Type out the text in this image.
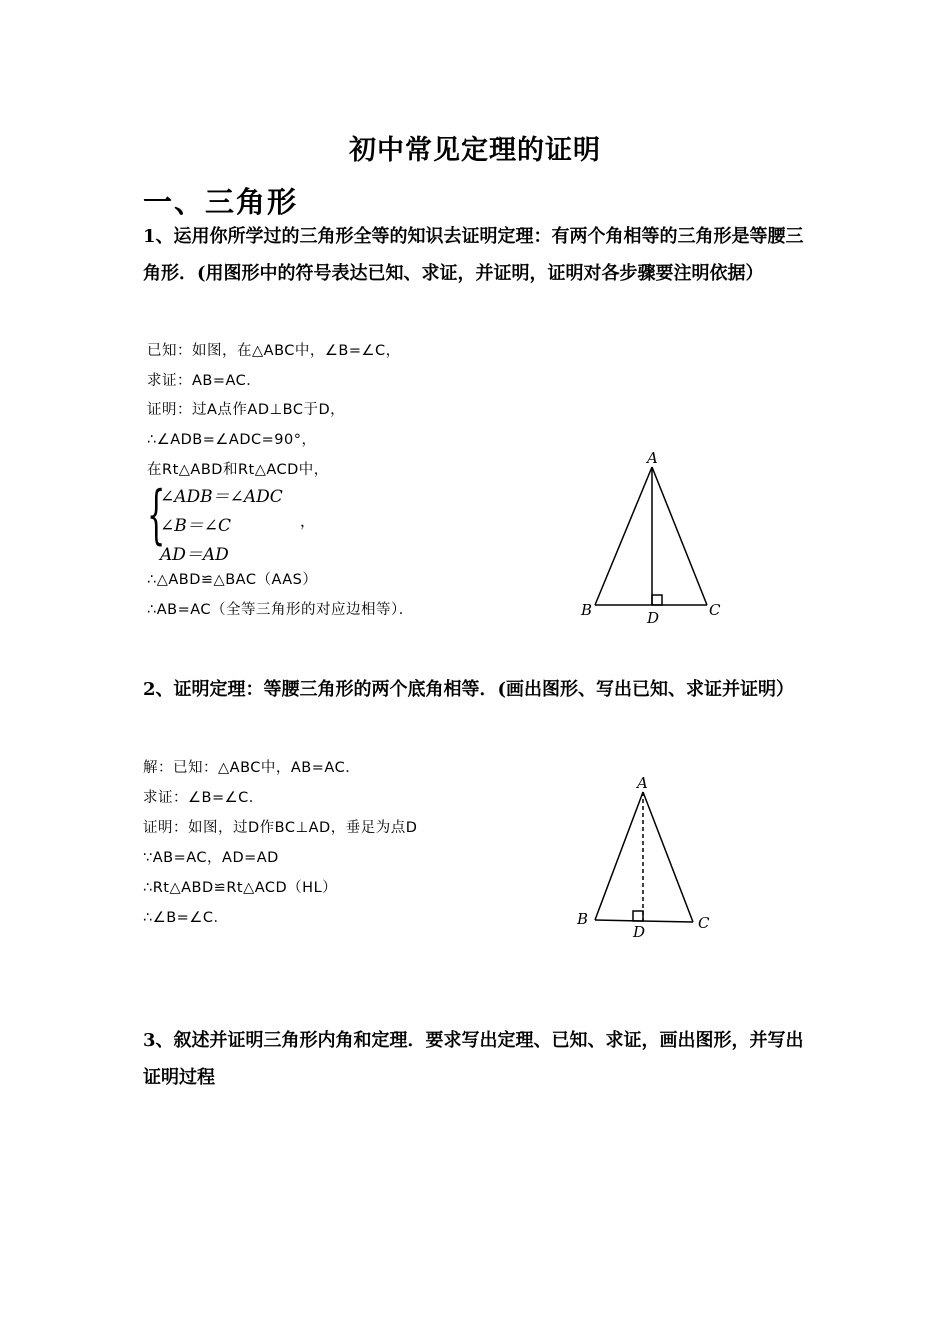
初中常见定理的证明
一、三角形
1、运用你所学过的三角形全等的知识去证明定理：有两个角相等的三角形是等腰三角形．(用图形中的符号表达已知、求证，并证明，证明对各步骤要注明依据）
已知：如图，在△ABC中，∠B=∠C，
求证：AB=AC．
证明：过A点作AD⊥BC于D，
∴∠ADB=∠ADC=90°，
在Rt△ABD和Rt△ACD中，
{
∠ADB＝∠ADC
∠B＝∠C
AD＝AD
，
∴△ABD≌△BAC（AAS）
∴AB=AC（全等三角形的对应边相等）．
A
B	C
D
2、证明定理：等腰三角形的两个底角相等．(画出图形、写出已知、求证并证明）
解：已知：△ABC中，AB=AC．
求证：∠B=∠C．
证明：如图，过D作BC⊥AD，垂足为点D
∵AB=AC，AD=AD
∴Rt△ABD≌Rt△ACD（HL）
∴∠B=∠C．
A
B	C
D
3、叙述并证明三角形内角和定理．要求写出定理、已知、求证，画出图形，并写出证明过程
